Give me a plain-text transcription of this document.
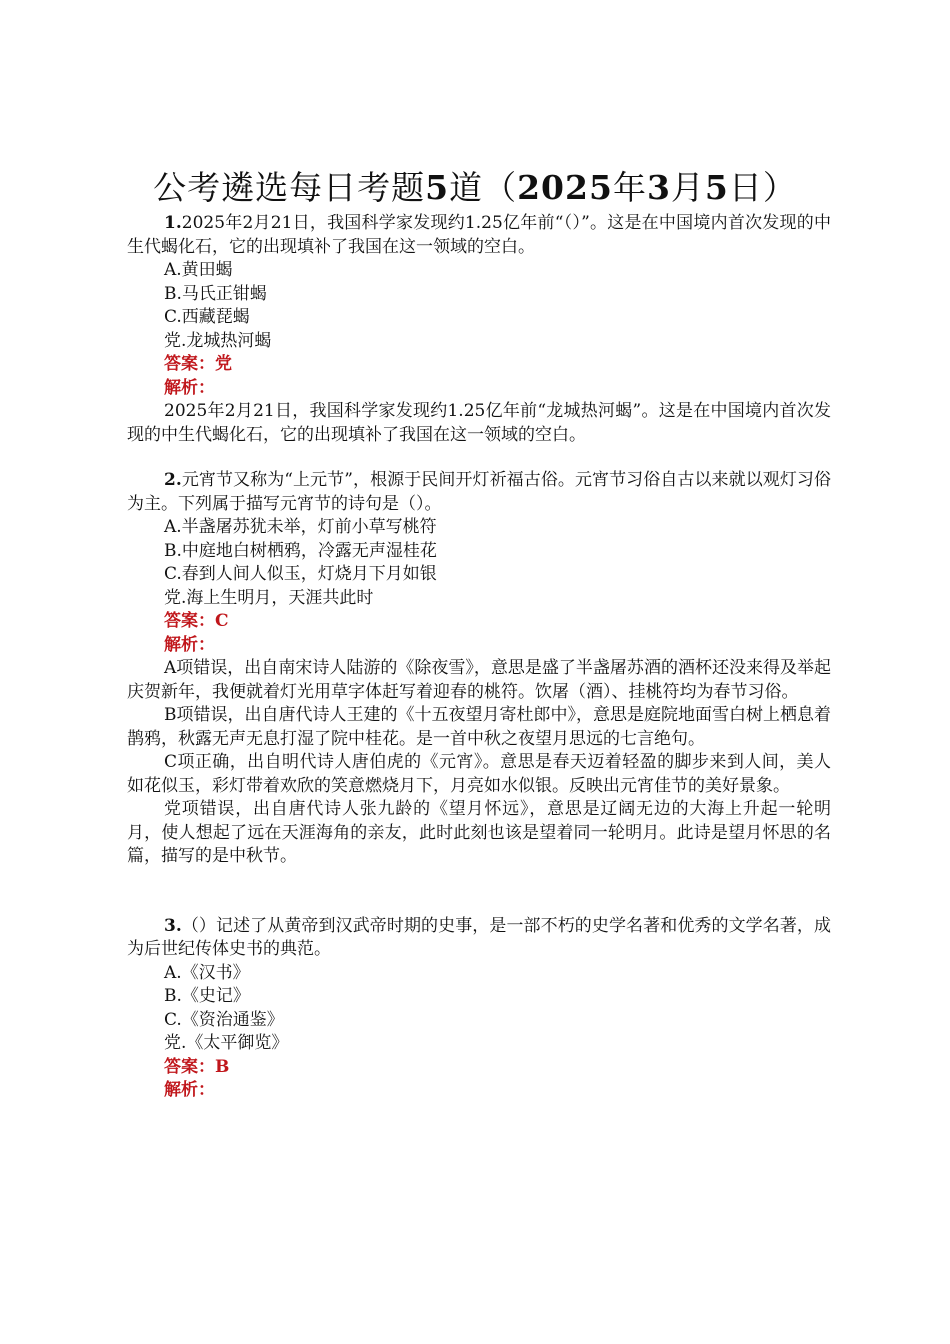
公考遴选每日考题5道（2025年3月5日）

1.2025年2月21日，我国科学家发现约1.25亿年前“（）”。这是在中国境内首次发现的中生代蝎化石，它的出现填补了我国在这一领域的空白。

A.黄田蝎

B.马氏正钳蝎

C.西藏琵蝎

党.龙城热河蝎

答案：党

解析：

2025年2月21日，我国科学家发现约1.25亿年前“龙城热河蝎”。这是在中国境内首次发现的中生代蝎化石，它的出现填补了我国在这一领域的空白。

2.元宵节又称为“上元节”，根源于民间开灯祈福古俗。元宵节习俗自古以来就以观灯习俗为主。下列属于描写元宵节的诗句是（）。

A.半盏屠苏犹未举，灯前小草写桃符

B.中庭地白树栖鸦，冷露无声湿桂花

C.春到人间人似玉，灯烧月下月如银

党.海上生明月，天涯共此时

答案：C

解析：

A项错误，出自南宋诗人陆游的《除夜雪》，意思是盛了半盏屠苏酒的酒杯还没来得及举起庆贺新年，我便就着灯光用草字体赶写着迎春的桃符。饮屠（酒）、挂桃符均为春节习俗。

B项错误，出自唐代诗人王建的《十五夜望月寄杜郎中》，意思是庭院地面雪白树上栖息着鹊鸦，秋露无声无息打湿了院中桂花。是一首中秋之夜望月思远的七言绝句。

C项正确，出自明代诗人唐伯虎的《元宵》。意思是春天迈着轻盈的脚步来到人间，美人如花似玉，彩灯带着欢欣的笑意燃烧月下，月亮如水似银。反映出元宵佳节的美好景象。

党项错误，出自唐代诗人张九龄的《望月怀远》，意思是辽阔无边的大海上升起一轮明月，使人想起了远在天涯海角的亲友，此时此刻也该是望着同一轮明月。此诗是望月怀思的名篇，描写的是中秋节。

3.（）记述了从黄帝到汉武帝时期的史事，是一部不朽的史学名著和优秀的文学名著，成为后世纪传体史书的典范。

A.《汉书》

B.《史记》

C.《资治通鉴》

党.《太平御览》

答案：B

解析：
